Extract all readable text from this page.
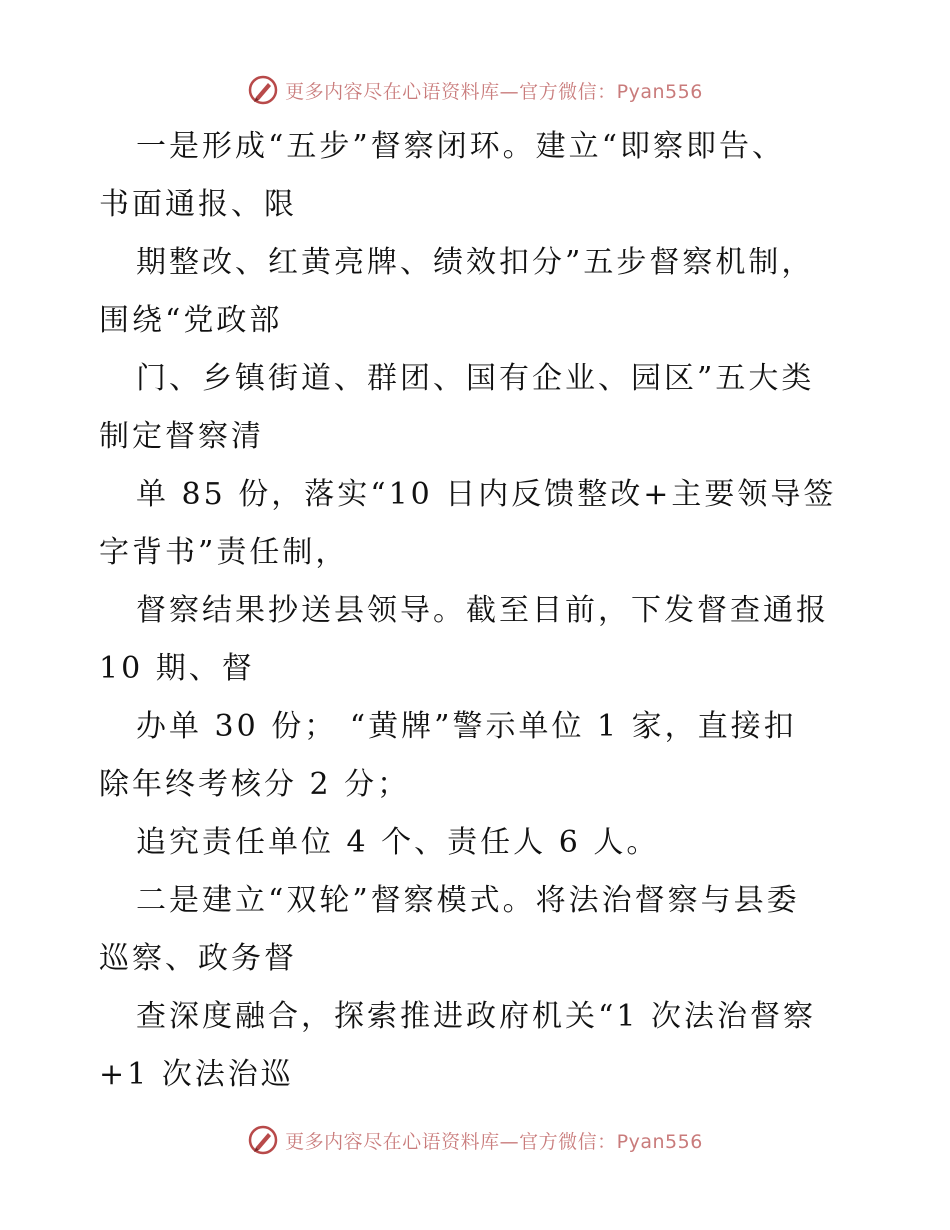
更多内容尽在心语资料库—官方微信：Pyan556
一是形成“五步”督察闭环。建立“即察即告、
书面通报、限
期整改、红黄亮牌、绩效扣分”五步督察机制，
围绕“党政部
门、乡镇街道、群团、国有企业、园区”五大类
制定督察清
单 85 份，落实“10 日内反馈整改+主要领导签
字背书”责任制，
督察结果抄送县领导。截至目前，下发督查通报
10 期、督
办单 30 份； “黄牌”警示单位 1 家，直接扣
除年终考核分 2 分；
追究责任单位 4 个、责任人 6 人。
二是建立“双轮”督察模式。将法治督察与县委
巡察、政务督
查深度融合，探索推进政府机关“1 次法治督察
+1 次法治巡
更多内容尽在心语资料库—官方微信：Pyan556
